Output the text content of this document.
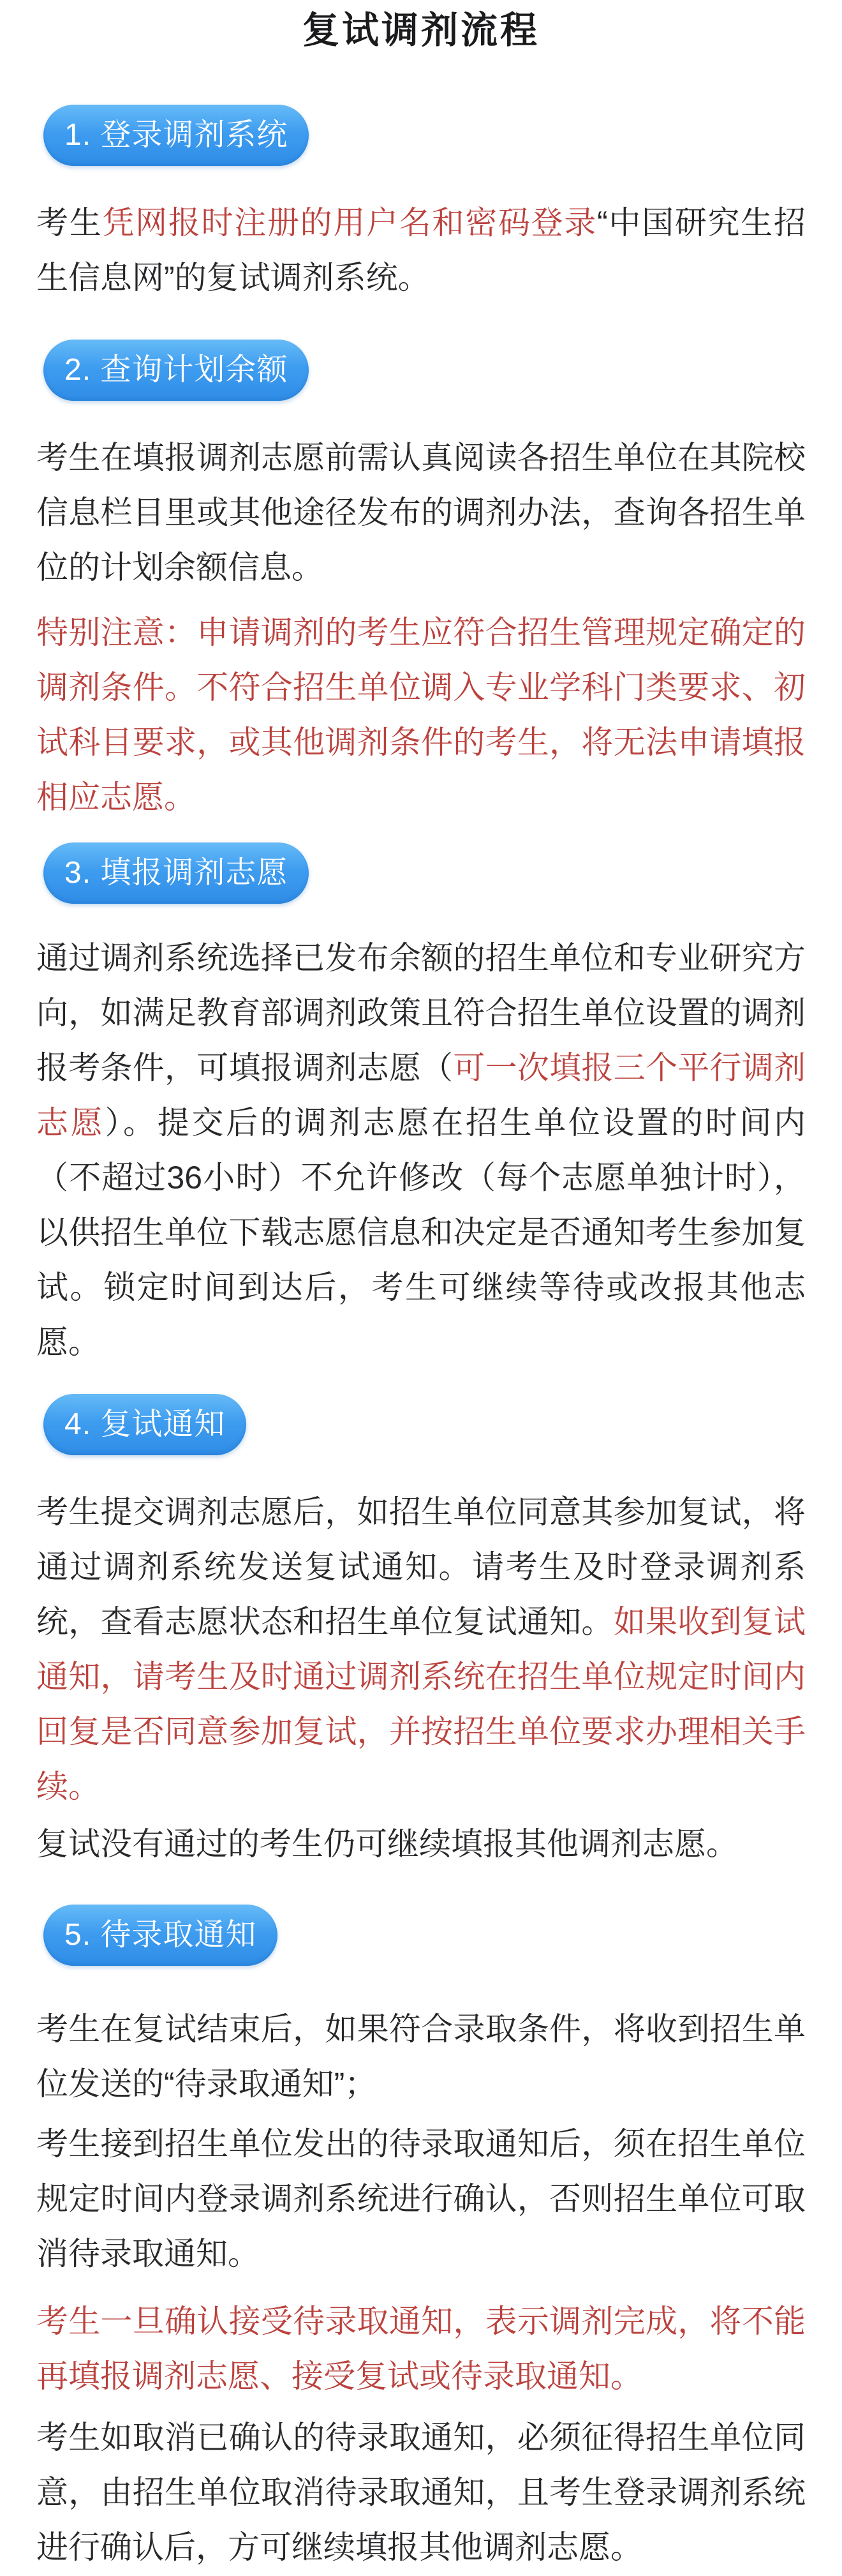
复试调剂流程
1. 登录调剂系统

考生凭网报时注册的用户名和密码登录“中国研究生招生信息网”的复试调剂系统。

2. 查询计划余额

考生在填报调剂志愿前需认真阅读各招生单位在其院校信息栏目里或其他途径发布的调剂办法，查询各招生单位的计划余额信息。

特别注意：申请调剂的考生应符合招生管理规定确定的调剂条件。不符合招生单位调入专业学科门类要求、初试科目要求，或其他调剂条件的考生，将无法申请填报相应志愿。

3. 填报调剂志愿

通过调剂系统选择已发布余额的招生单位和专业研究方向，如满足教育部调剂政策且符合招生单位设置的调剂报考条件，可填报调剂志愿（可一次填报三个平行调剂志愿）。提交后的调剂志愿在招生单位设置的时间内（不超过36小时）不允许修改（每个志愿单独计时），以供招生单位下载志愿信息和决定是否通知考生参加复试。锁定时间到达后，考生可继续等待或改报其他志愿。

4. 复试通知

考生提交调剂志愿后，如招生单位同意其参加复试，将通过调剂系统发送复试通知。请考生及时登录调剂系统，查看志愿状态和招生单位复试通知。如果收到复试通知，请考生及时通过调剂系统在招生单位规定时间内回复是否同意参加复试，并按招生单位要求办理相关手续。

复试没有通过的考生仍可继续填报其他调剂志愿。

5. 待录取通知

考生在复试结束后，如果符合录取条件，将收到招生单位发送的“待录取通知”；

考生接到招生单位发出的待录取通知后，须在招生单位规定时间内登录调剂系统进行确认，否则招生单位可取消待录取通知。

考生一旦确认接受待录取通知，表示调剂完成，将不能再填报调剂志愿、接受复试或待录取通知。

考生如取消已确认的待录取通知，必须征得招生单位同意，由招生单位取消待录取通知，且考生登录调剂系统进行确认后，方可继续填报其他调剂志愿。
